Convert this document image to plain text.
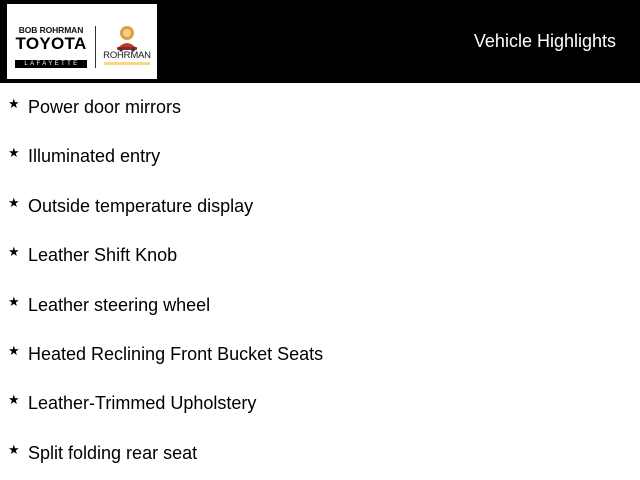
BOB ROHRMAN
TOYOTA
LAFAYETTE
ROHRMAN
Vehicle Highlights
★ Power door mirrors
★ Illuminated entry
★ Outside temperature display
★ Leather Shift Knob
★ Leather steering wheel
★ Heated Reclining Front Bucket Seats
★ Leather-Trimmed Upholstery
★ Split folding rear seat
